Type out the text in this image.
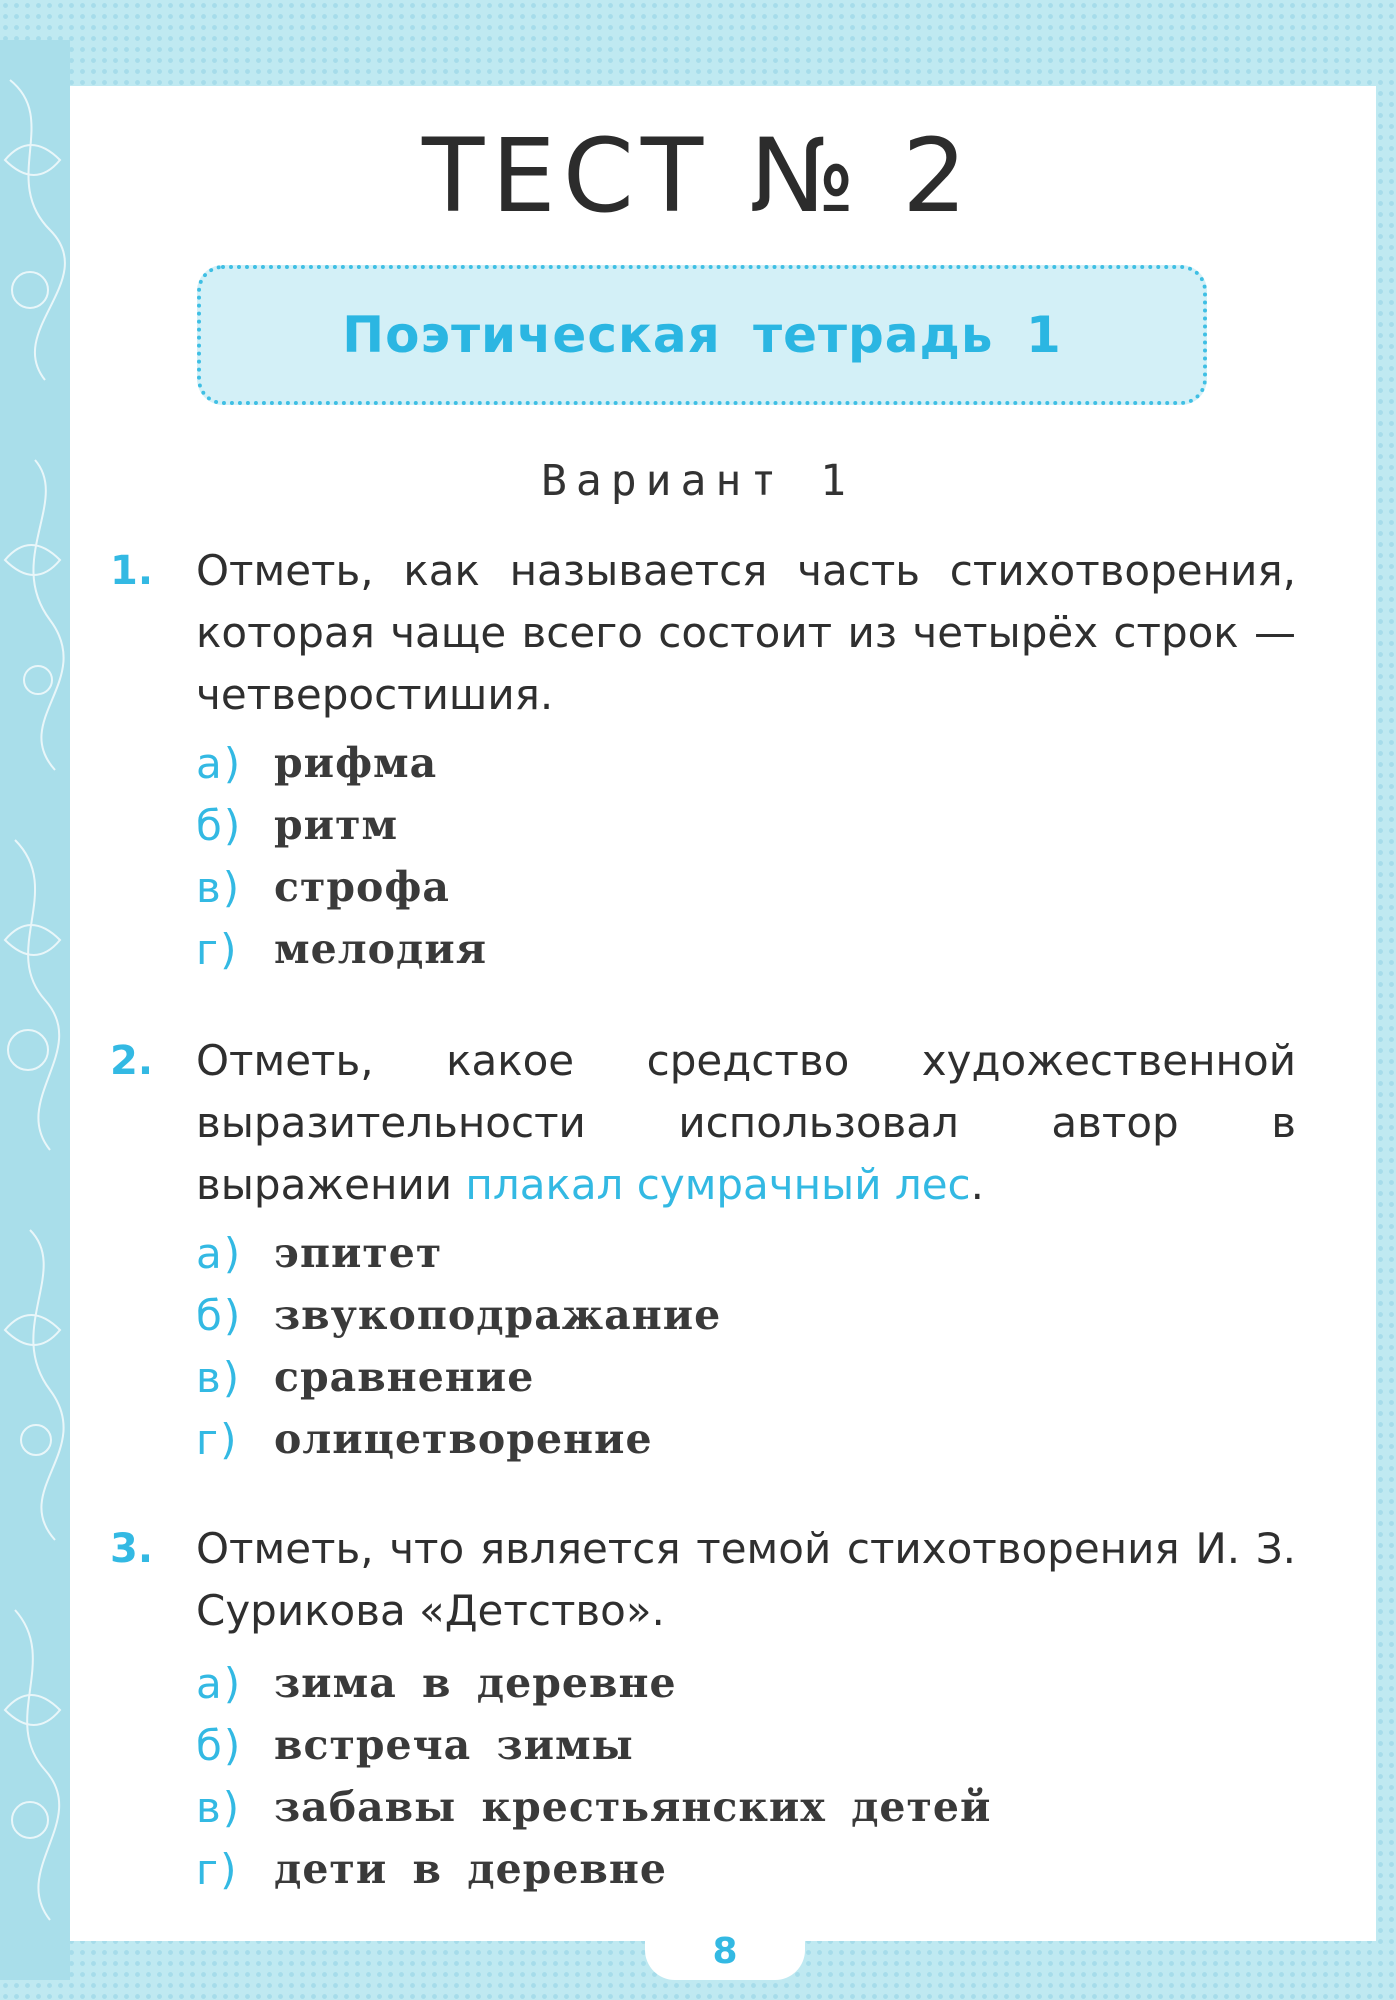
ТЕСТ № 2
Поэтическая тетрадь 1
Вариант 1
1. Отметь, как называется часть стихотворения, которая чаще всего состоит из четырёх строк — четверостишия.
а) рифма
б) ритм
в) строфа
г) мелодия
2. Отметь, какое средство художественной выразительности использовал автор в выражении плакал сумрачный лес.
а) эпитет
б) звукоподражание
в) сравнение
г) олицетворение
3. Отметь, что является темой стихотворения И. З. Сурикова «Детство».
а) зима в деревне
б) встреча зимы
в) забавы крестьянских детей
г) дети в деревне
8
